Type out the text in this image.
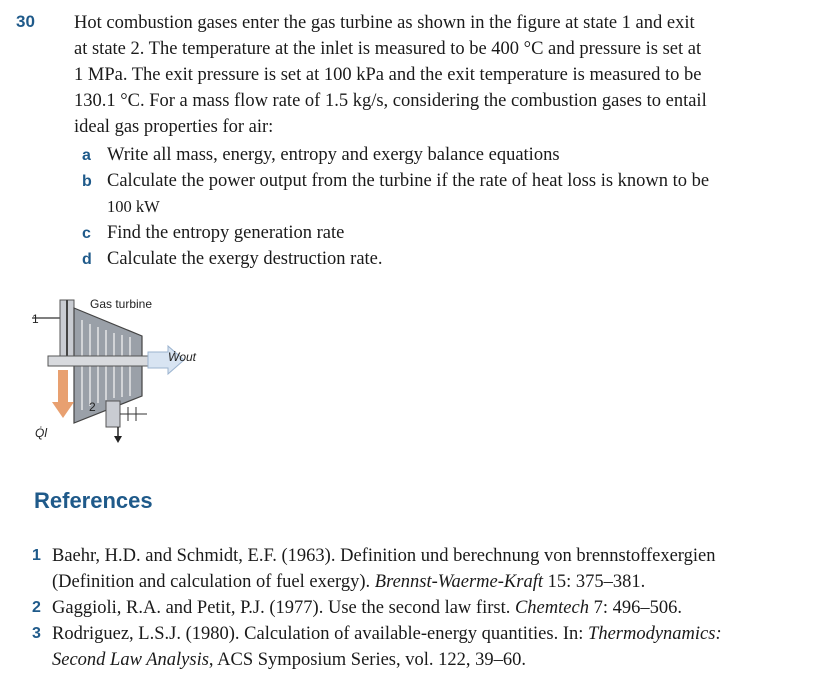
30 Hot combustion gases enter the gas turbine as shown in the figure at state 1 and exit

at state 2. The temperature at the inlet is measured to be 400 °C and pressure is set at

1 MPa. The exit pressure is set at 100 kPa and the exit temperature is measured to be

130.1 °C. For a mass flow rate of 1.5 kg/s, considering the combustion gases to entail

ideal gas properties for air:

a Write all mass, energy, entropy and exergy balance equations
b Calculate the power output from the turbine if the rate of heat loss is known to be
100 kW
c Find the entropy generation rate
d Calculate the exergy destruction rate.
Gas turbine
1
2
Ẇout
Q̇l
References
1 Baehr, H.D. and Schmidt, E.F. (1963). Definition und berechnung von brennstoffexergien
(Definition and calculation of fuel exergy). Brennst-Waerme-Kraft 15: 375–381.
2 Gaggioli, R.A. and Petit, P.J. (1977). Use the second law first. Chemtech 7: 496–506.
3 Rodriguez, L.S.J. (1980). Calculation of available-energy quantities. In: Thermodynamics:
Second Law Analysis, ACS Symposium Series, vol. 122, 39–60.
